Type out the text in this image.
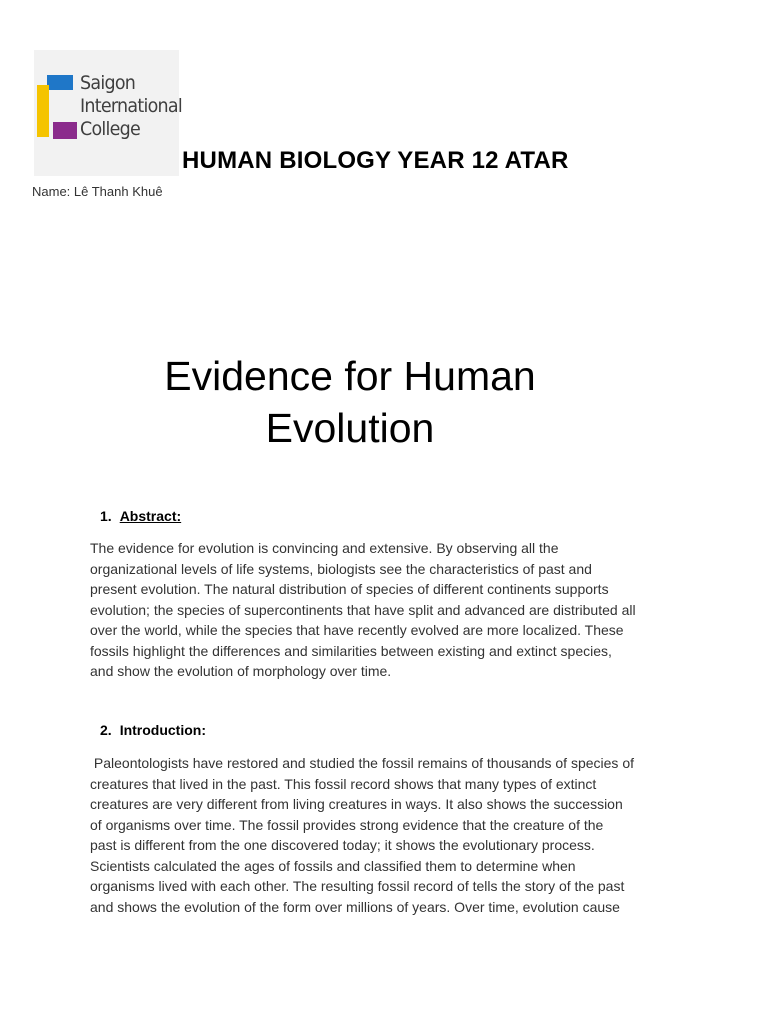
Saigon
International
College
HUMAN BIOLOGY YEAR 12 ATAR
Name: Lê Thanh Khuê
Evidence for Human
Evolution
1. Abstract:
The evidence for evolution is convincing and extensive. By observing all the
organizational levels of life systems, biologists see the characteristics of past and
present evolution. The natural distribution of species of different continents supports
evolution; the species of supercontinents that have split and advanced are distributed all
over the world, while the species that have recently evolved are more localized. These
fossils highlight the differences and similarities between existing and extinct species,
and show the evolution of morphology over time.
2. Introduction:
Paleontologists have restored and studied the fossil remains of thousands of species of
creatures that lived in the past. This fossil record shows that many types of extinct
creatures are very different from living creatures in ways. It also shows the succession
of organisms over time. The fossil provides strong evidence that the creature of the
past is different from the one discovered today; it shows the evolutionary process.
Scientists calculated the ages of fossils and classified them to determine when
organisms lived with each other. The resulting fossil record of tells the story of the past
and shows the evolution of the form over millions of years. Over time, evolution cause
